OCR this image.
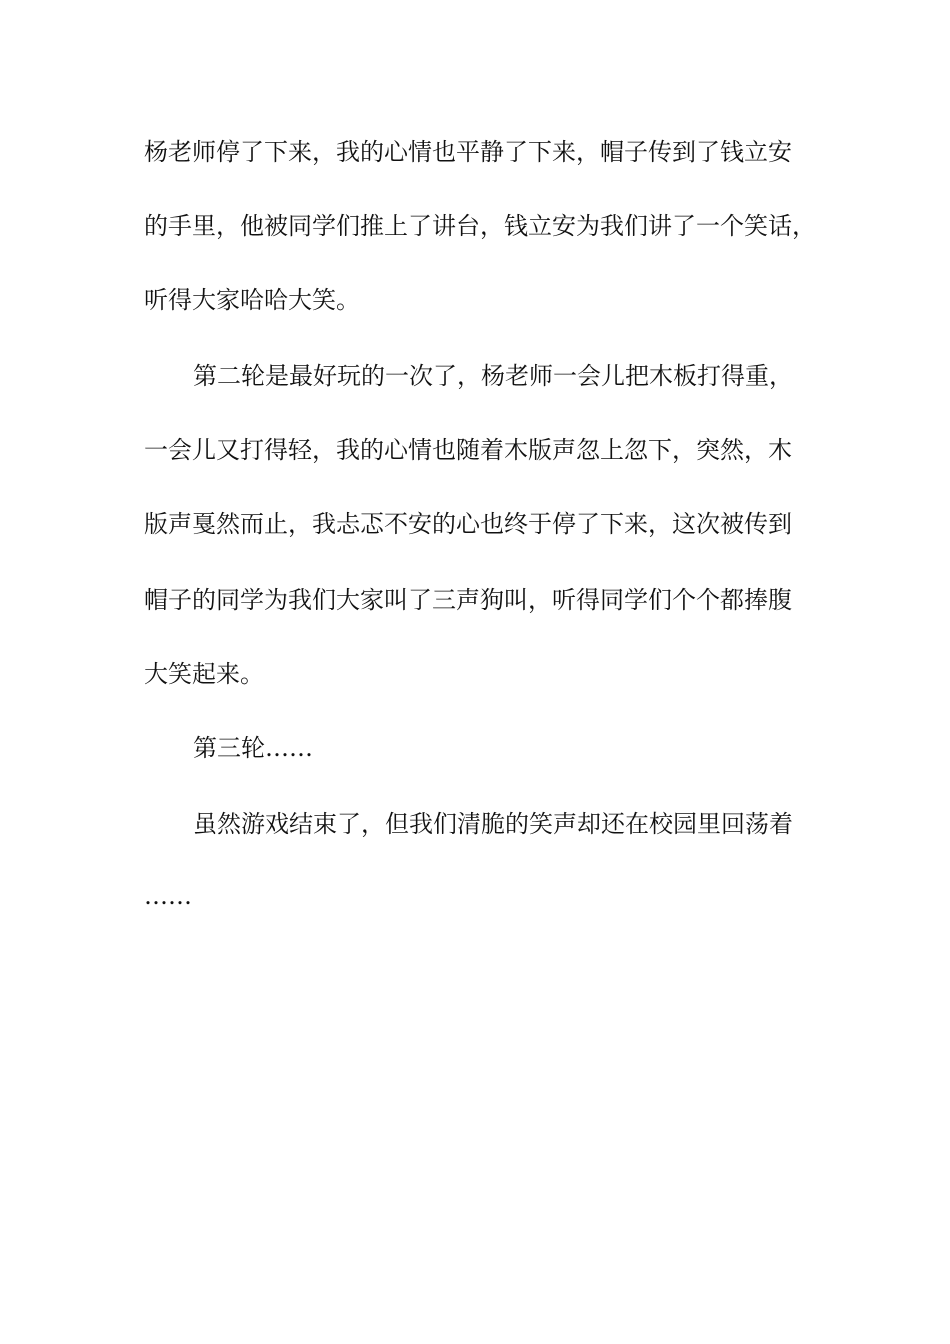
杨老师停了下来，我的心情也平静了下来，帽子传到了钱立安
的手里，他被同学们推上了讲台，钱立安为我们讲了一个笑话，
听得大家哈哈大笑。
第二轮是最好玩的一次了，杨老师一会儿把木板打得重，
一会儿又打得轻，我的心情也随着木版声忽上忽下，突然，木
版声戛然而止，我忐忑不安的心也终于停了下来，这次被传到
帽子的同学为我们大家叫了三声狗叫，听得同学们个个都捧腹
大笑起来。
第三轮……
虽然游戏结束了，但我们清脆的笑声却还在校园里回荡着
……
